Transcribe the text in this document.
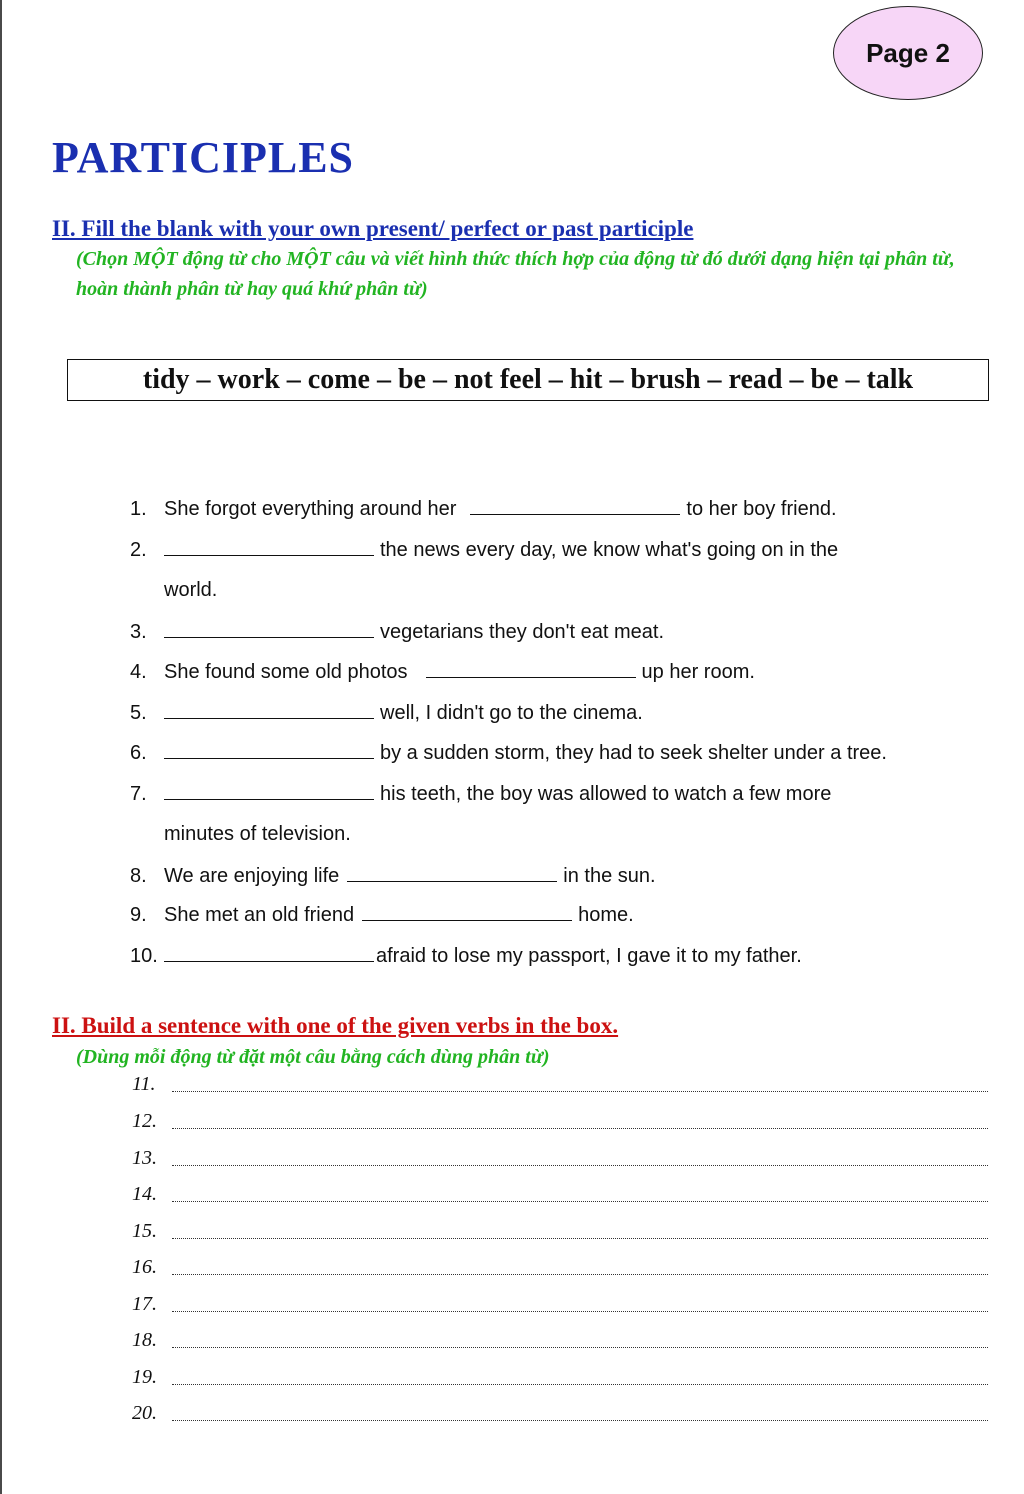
Page 2
PARTICIPLES
II. Fill the blank with your own present/ perfect or past participle
(Chọn MỘT động từ cho MỘT câu và viết hình thức thích hợp của động từ đó dưới dạng hiện tại phân từ, hoàn thành phân từ hay quá khứ phân từ)
tidy – work – come – be – not feel – hit – brush – read – be – talk
1. She forgot everything around her	to her boy friend.
2.	the news every day, we know what's going on in the
world.
3.	vegetarians they don't eat meat.
4. She found some old photos	up her room.
5.	well, I didn't go to the cinema.
6.	by a sudden storm, they had to seek shelter under a tree.
7.	his teeth, the boy was allowed to watch a few more
minutes of television.
8. We are enjoying life	in the sun.
9. She met an old friend	home.
10.	afraid to lose my passport, I gave it to my father.
II. Build a sentence with one of the given verbs in the box.
(Dùng mỗi động từ đặt một câu bằng cách dùng phân từ)
11.
12.
13.
14.
15.
16.
17.
18.
19.
20.
